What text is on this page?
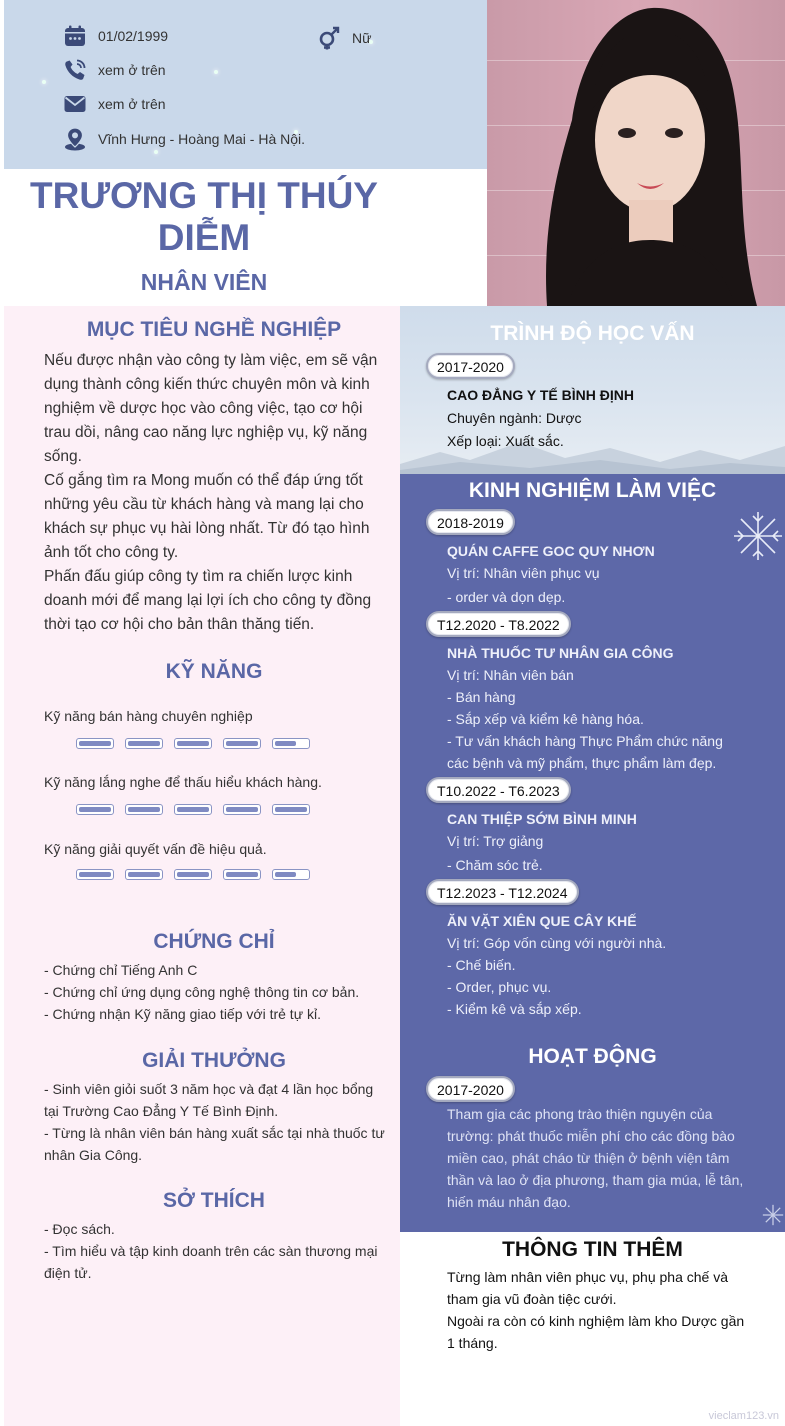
01/02/1999	Nữ
xem ở trên
xem ở trên
Vĩnh Hưng - Hoàng Mai - Hà Nội.
TRƯƠNG THỊ THÚY DIỄM
NHÂN VIÊN
MỤC TIÊU NGHỀ NGHIỆP

Nếu được nhận vào công ty làm việc, em sẽ vận dụng thành công kiến thức chuyên môn và kinh nghiệm về dược học vào công việc, tạo cơ hội trau dồi, nâng cao năng lực nghiệp vụ, kỹ năng sống.

Cố gắng tìm ra Mong muốn có thể đáp ứng tốt những yêu cầu từ khách hàng và mang lại cho khách sự phục vụ hài lòng nhất. Từ đó tạo hình ảnh tốt cho công ty.

Phấn đấu giúp công ty tìm ra chiến lược kinh doanh mới để mang lại lợi ích cho công ty đồng thời tạo cơ hội cho bản thân thăng tiến.

KỸ NĂNG
Kỹ năng bán hàng chuyên nghiệp
Kỹ năng lắng nghe để thấu hiểu khách hàng.
Kỹ năng giải quyết vấn đề hiệu quả.
CHỨNG CHỈ

- Chứng chỉ Tiếng Anh C

- Chứng chỉ ứng dụng công nghệ thông tin cơ bản.

- Chứng nhận Kỹ năng giao tiếp với trẻ tự kỉ.

GIẢI THƯỞNG

- Sinh viên giỏi suốt 3 năm học và đạt 4 lần học bổng tại Trường Cao Đẳng Y Tế Bình Định.

- Từng là nhân viên bán hàng xuất sắc tại nhà thuốc tư nhân Gia Công.

SỞ THÍCH

- Đọc sách.

- Tìm hiểu và tập kinh doanh trên các sàn thương mại điện tử.

TRÌNH ĐỘ HỌC VẤN
2017-2020
CAO ĐẲNG Y TẾ BÌNH ĐỊNH
Chuyên ngành: Dược
Xếp loại: Xuất sắc.
KINH NGHIỆM LÀM VIỆC
2018-2019
QUÁN CAFFE GOC QUY NHƠN
Vị trí: Nhân viên phục vụ
- order và dọn dẹp.
T12.2020 - T8.2022
NHÀ THUỐC TƯ NHÂN GIA CÔNG
Vị trí: Nhân viên bán
- Bán hàng
- Sắp xếp và kiểm kê hàng hóa.
- Tư vấn khách hàng Thực Phẩm chức năng các bệnh và mỹ phẩm, thực phẩm làm đẹp.
T10.2022 - T6.2023
CAN THIỆP SỚM BÌNH MINH
Vị trí: Trợ giảng
- Chăm sóc trẻ.
T12.2023 - T12.2024
ĂN VẶT XIÊN QUE CÂY KHẾ
Vị trí: Góp vốn cùng với người nhà.
- Chế biến.
- Order, phục vụ.
- Kiểm kê và sắp xếp.
HOẠT ĐỘNG
2017-2020
Tham gia các phong trào thiện nguyện của trường: phát thuốc miễn phí cho các đồng bào miền cao, phát cháo từ thiện ở bệnh viện tâm thần và lao ở địa phương, tham gia múa, lễ tân, hiến máu nhân đạo.
THÔNG TIN THÊM
Từng làm nhân viên phục vụ, phụ pha chế và tham gia vũ đoàn tiệc cưới.
Ngoài ra còn có kinh nghiệm làm kho Dược gần 1 tháng.
vieclam123.vn
